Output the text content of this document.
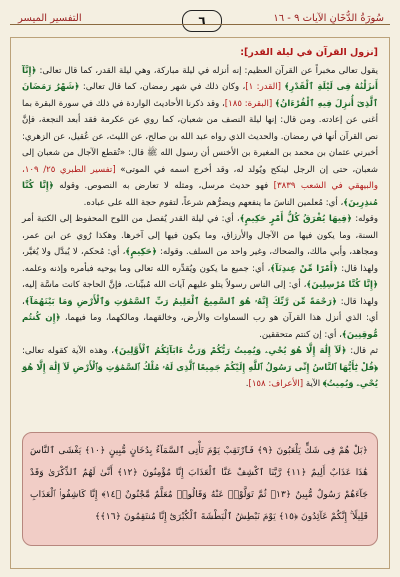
سُورَةُ الدُّخَانِ الآيات ٩ - ١٦
٦
التفسير الميسر

[نزول القرآن في ليلة القدر]:

يقول تعالى مخبراً عن القرآن العظيم: إنه أنزله في ليلة مباركة، وهي ليلة القدر، كما قال تعالى: ﴿إِنَّآ أَنزَلْنَٰهُ فِى لَيْلَةِ ٱلْقَدْرِ﴾ [القدر: ١]، وكان ذلك في شهر رمضان، كما قال تعالى: ﴿شَهْرُ رَمَضَانَ ٱلَّذِىٓ أُنزِلَ فِيهِ ٱلْقُرْءَانُ﴾ [البقرة: ١٨٥]، وقد ذكرنا الأحاديث الواردة في ذلك في سورة البقرة بما أغنى عن إعادته. ومن قال: إنها ليلة النصف من شعبان، كما روي عن عكرمة فقد أبعد النجعة، فإنَّ نص القرآن أنها في رمضان. والحديث الذي رواه عبد الله بن صالح، عن الليث، عن عُقيل، عن الزهري: أخبرني عثمان بن محمد بن المغيرة بن الأخنس أن رسول الله ﷺ قال: «تُقطع الآجال من شعبان إلى شعبان، حتى إن الرجل لينكح ويُولد له، وقد أخرج اسمه في الموتى» [تفسير الطبري ٢٥/ ١٠٩، والبيهقي في الشعب ٣٨٣٩] فهو حديث مرسل، ومثله لا تعارض به النصوص. وقوله ﴿إِنَّا كُنَّا مُنذِرِينَ﴾، أي: مُعلمين الناسَ ما ينفعهم ويضرُّهم شرعاً، لتقوم حجة الله على عباده.

وقوله: ﴿فِيهَا يُفْرَقُ كُلُّ أَمْرٍ حَكِيمٍ﴾، أي: في ليلة القدر يُفصل من اللوح المحفوظ إلى الكتبة أمر السنة، وما يكون فيها من الآجال والأرزاق، وما يكون فيها إلى آخرها. وهكذا رُوي عن ابن عمر، ومجاهد، وأبي مالك، والضحاك، وغير واحد من السلف. وقوله: ﴿حَكِيمٍ﴾، أي: مُحكم، لا يُبدَّل ولا يُغيَّر، ولهذا قال: ﴿أَمْرًا مِّنْ عِندِنَآ﴾، أي: جميع ما يكون ويُقدِّره الله تعالى وما يوحيه فبأمره وإذنه وعلمه. ﴿إِنَّا كُنَّا مُرْسِلِينَ﴾، أي: إلى الناس رسولاً يتلو عليهم آيات الله مُبيِّنات، فإنَّ الحاجة كانت ماسَّة إليه، ولهذا قال: ﴿رَحْمَةً مِّن رَّبِّكَ إِنَّهُۥ هُوَ ٱلسَّمِيعُ ٱلْعَلِيمُ رَبِّ ٱلسَّمَٰوَٰتِ وَٱلْأَرْضِ وَمَا بَيْنَهُمَآ﴾، أي: الذي أنزل هذا القرآن هو رب السماوات والأرض، وخالقهما، ومالكهما، وما فيهما، ﴿إِن كُنتُم مُّوقِنِينَ﴾، أي: إن كنتم متحققين.

ثم قال: ﴿لَآ إِلَٰهَ إِلَّا هُوَ يُحْىِۦ وَيُمِيتُ رَبُّكُمْ وَرَبُّ ءَابَآئِكُمُ ٱلْأَوَّلِينَ﴾، وهذه الآية كقوله تعالى: ﴿قُلْ يَٰٓأَيُّهَا ٱلنَّاسُ إِنِّى رَسُولُ ٱللَّهِ إِلَيْكُمْ جَمِيعًا ٱلَّذِى لَهُۥ مُلْكُ ٱلسَّمَٰوَٰتِ وَٱلْأَرْضِ لَآ إِلَٰهَ إِلَّا هُوَ يُحْىِۦ وَيُمِيتُ﴾ الآية [الأعراف: ١٥٨].

﴿بَلْ هُمْ فِى شَكٍّ يَلْعَبُونَ ﴿٩﴾ فَٱرْتَقِبْ يَوْمَ تَأْتِى ٱلسَّمَآءُ بِدُخَانٍ مُّبِينٍ ﴿١٠﴾ يَغْشَى ٱلنَّاسَ هَٰذَا عَذَابٌ أَلِيمٌ ﴿١١﴾ رَّبَّنَا ٱكْشِفْ عَنَّا ٱلْعَذَابَ إِنَّا مُؤْمِنُونَ ﴿١٢﴾ أَنَّىٰ لَهُمُ ٱلذِّكْرَىٰ وَقَدْ جَآءَهُمْ رَسُولٌ مُّبِينٌ ﴿١٣﴾ ثُمَّ تَوَلَّوْا۟ عَنْهُ وَقَالُوا۟ مُعَلَّمٌ مَّجْنُونٌ ﴿١٤﴾ إِنَّا كَاشِفُوا۟ ٱلْعَذَابِ قَلِيلًا ۚ إِنَّكُمْ عَآئِدُونَ ﴿١٥﴾ يَوْمَ نَبْطِشُ ٱلْبَطْشَةَ ٱلْكُبْرَىٰٓ إِنَّا مُنتَقِمُونَ ﴿١٦﴾﴾
